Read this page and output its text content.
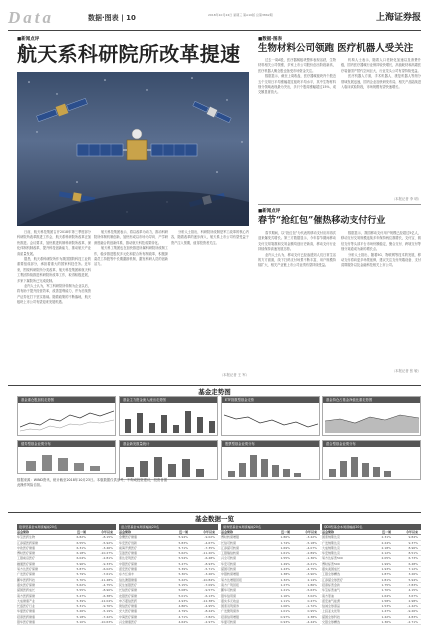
Data	数据·图表 | 10	2018年10月24日 星期三 第A10版 总第3862期	上海证券报
■新闻点评
航天系科研院所改革提速

日前，航天科技集团召开2018年第三季度部分科研院所改革推进工作会，航天系科研院所改革正加快推进。会议要求，加快推进转制科研院所改革，深化体制机制改革，提升科技创新能力，推动航天产业高质量发展。

据悉，航天系科研院所作为我国国防科技工业的重要组成部分，承担着重大的国家科技任务。近年来，围绕科研院所分类改革，航天科技集团和航天科工集团持续推进科研院所改革工作，取得积极进展，多家下属院所已完成改制。

业内人士认为，军工科研院所转制为企业以后，将有助于提升经营效率，改善盈利能力，并为后续资产证券化打下坚实基础。随着政策的不断落地，航天板块上市公司有望迎来发展机遇。

航天科技集团表示，将以改革为动力，推动科研院所体制机制创新，加快形成以市场为导向、产学研深度融合的创新体系，推动航天科技成果转化。

航天科工集团也在加快推进所属科研院所改制工作，稳步推进股权多元化和混合所有制改革，积极探索员工持股等中长期激励机制，激发科研人员的创新活力。

分析人士指出，科研院所改制是军工改革的核心内容，随着改革的逐步深入，航天系上市公司有望受益于资产注入预期，值得投资者关注。

（本报记者 王 军）
■数据·图表
生物材料公司领跑 医疗机器人受关注

过去一周A股，医疗器械板块整体表现活跃，生物材料相关公司领涨，多家上市公司股价创出阶段新高，医疗机器人概念股也备受市场资金关注。

数据显示，截至上周收盘，医疗器械板块内个股近五个交易日平均涨幅超过板块平均水平，其中生物材料细分领域表现最为突出，多只个股周涨幅超过15%，成交额显著放大。

机构人士表示，随着人口老龄化加速以及消费升级，国内医疗器械行业保持较快增长，高值耗材和高端医疗装备国产替代空间巨大，行业龙头公司有望持续受益。

医疗机器人方面，手术机器人、康复机器人等细分领域发展迅速，国内企业加快研发布局，相关产品陆续进入临床试验阶段，市场规模有望快速增长。

（本报记者 李 明）
■新闻点评
春节“抢红包”催热移动支付行业

春节期间，以“抢红包”为代表的移动支付应用再次迎来爆发式增长。第三方数据显示，今年春节期间移动支付交易笔数和交易金额均创历史新高，移动支付行业持续保持高速发展态势。

业内人士认为，移动支付已经渗透到人们日常生活的方方面面，线下扫码支付场景不断丰富，用户规模持续扩大，相关产业链上市公司业绩有望持续受益。

数据显示，我国移动支付用户规模已经超过5亿人，移动支付交易规模连续多年保持两位数增长，支付宝、微信支付等头部平台市场份额稳定，聚合支付、跨境支付等细分赛道成为新的增长点。

分析人士指出，随着5G、物联网等技术的发展，移动支付将向更多场景延伸，建议关注支付终端设备、支付清算服务以及金融科技相关上市公司。

（本报记者 张 敏）
基金走势图
基金重仓股加权走势图	基金主力资金流入流出走势图	ETF指数型基金走势	基金持仓占基金净值比重走势图
基金新发数量统计	股票型基金业绩分布	混合型基金业绩分布
债券型基金业绩分布
数据来源：WIND资讯，统计截至2018年10月23日。本版数据仅供参考，不构成投资建议，投资者据此操作风险自担。
基金数据一览
股票型基金本周涨幅前20名
基金简称	近一周	今年以来
华宝医药生物	6.82%	-8.15%
汇添富医药保健	6.55%	-5.92%
中欧医疗健康	6.31%	-3.46%
博时医疗保健	6.18%	-10.27%
工银前沿医疗	6.04%	-2.81%
融通医疗保健	5.96%	-9.33%
易方达医疗保健	5.87%	-6.02%
广发医疗保健	5.79%	-7.61%
鹏华医药科技	5.70%	-11.48%
嘉实医疗保健	5.62%	-4.75%
富国医药成长	5.55%	-8.90%
南方医药保健	5.47%	-6.38%
大成健康产业	5.39%	-12.04%
长盛医疗行业	5.31%	-9.76%
华夏医疗健康	5.26%	-5.19%
招商医药健康	5.18%	-7.42%
银华医疗健康	5.10%	-10.63%
混合型基金本周涨幅前20名
基金简称	近一周	今年以来
金鹰医疗健康	5.94%	-9.02%
华安医疗创新	5.83%	-4.67%
前海开源医疗	5.71%	-7.35%
宝盈医疗健康	5.62%	-11.20%
泰达宏利医疗	5.54%	-6.48%
中银医疗保健	5.47%	-8.93%
诺安医疗健康	5.39%	-5.71%
东方红睿丰	5.30%	-3.26%
信达澳银健康	5.22%	-10.84%
民生加银医疗	5.15%	-7.09%
长信医疗保健	5.08%	-9.57%
农银医疗保健	5.01%	-6.13%
申万菱信医药	4.93%	-12.38%
建信医疗健康	4.86%	-4.95%
光大医疗健康	4.79%	-8.44%
中海医疗保健	4.71%	-7.82%
兴全健康医疗	4.64%	-2.97%
债券型基金本周涨幅前20名
基金简称	近一周	今年以来
博时转债增强	1.86%	-3.42%
长信可转债	1.74%	-5.18%
汇添富可转债	1.69%	-4.07%
工银瑞信转债	1.61%	-2.89%
兴全可转债	1.55%	-1.36%
华安可转债	1.49%	-6.21%
富国可转债	1.43%	-4.75%
中银转债增强	1.38%	-3.90%
易方达增强回报	1.32%	2.14%
南方广利回报	1.27%	1.86%
鹏华可转债	1.21%	-5.63%
银华信用债	1.16%	3.02%
嘉实多元收益	1.11%	0.47%
国泰双利债券	1.06%	-1.72%
广发聚利债券	1.01%	0.95%
招商信用增强	0.97%	2.38%
华夏可转债	0.93%	-4.44%
QDII型基金本周涨幅前20名
基金简称	近一周	今年以来
国泰纳斯达克	2.31%	9.84%
广发纳斯达克	2.24%	9.37%
大成纳斯达克	2.18%	8.96%
华安纳斯达克	2.12%	8.51%
易方达标普500	2.05%	6.73%
博时标普500	1.99%	6.48%
嘉实美国成长	1.93%	7.12%
工银全球精选	1.87%	3.26%
汇添富全球医疗	1.81%	5.94%
招商标普金砖	1.75%	-7.83%
华宝标普油气	1.70%	4.15%
南方原油	1.64%	3.67%
诺安油气能源	1.58%	2.98%
信诚全球商品	1.53%	-1.42%
上投亚太优势	1.47%	-9.26%
富国全球科技	1.42%	4.83%
交银全球精选	1.36%	-2.71%
